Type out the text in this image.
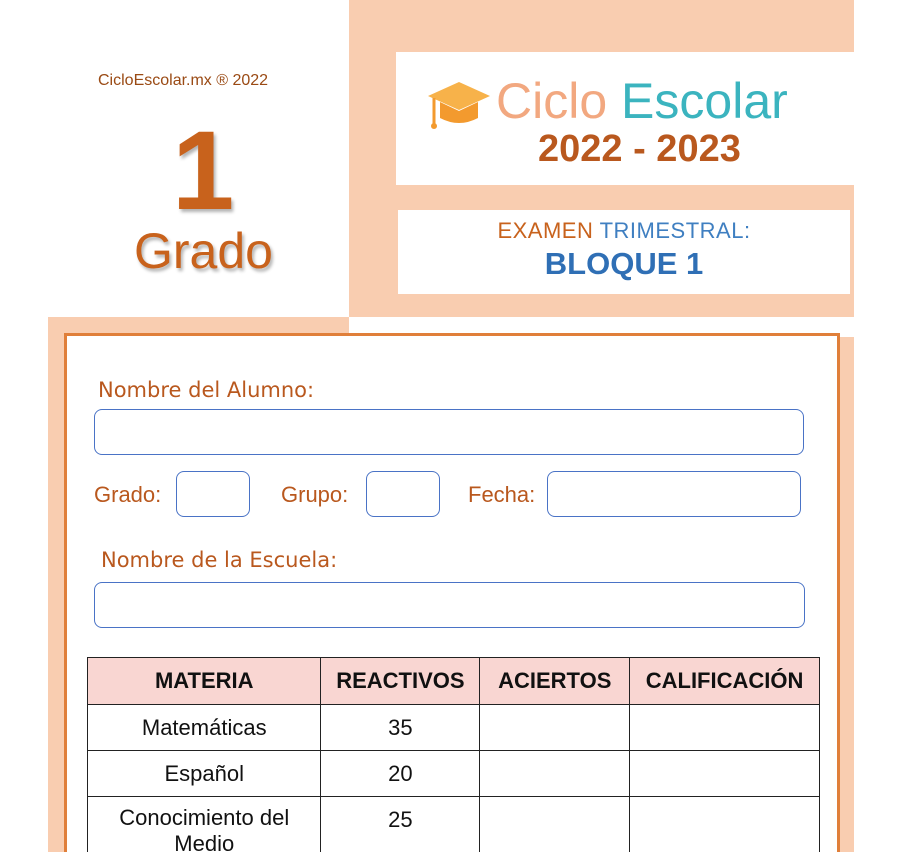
CicloEscolar.mx ® 2022
1
Grado
Ciclo Escolar
2022 - 2023
EXAMEN TRIMESTRAL:
BLOQUE 1
Nombre del Alumno:
Grado:	Grupo:	Fecha:
Nombre de la Escuela:
MATERIA	REACTIVOS	ACIERTOS	CALIFICACIÓN
Matemáticas	35		
Español	20		
Conocimiento del Medio	25		
